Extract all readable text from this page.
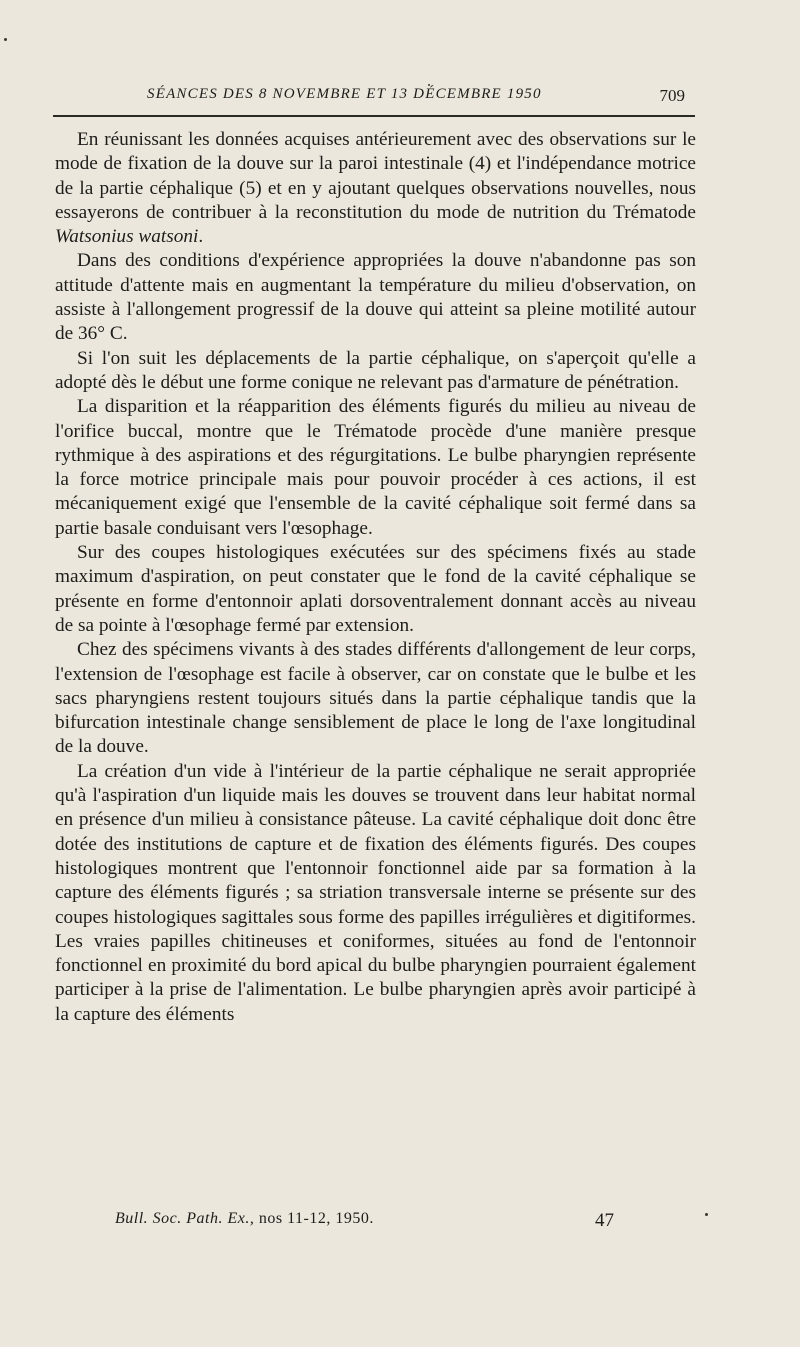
SÉANCES DES 8 NOVEMBRE ET 13 DÉCEMBRE 1950	709

En réunissant les données acquises antérieurement avec des observations sur le mode de fixation de la douve sur la paroi intestinale (4) et l'indépendance motrice de la partie céphalique (5) et en y ajoutant quelques observations nouvelles, nous essayerons de contribuer à la reconstitution du mode de nutrition du Trématode Watsonius watsoni.

Dans des conditions d'expérience appropriées la douve n'abandonne pas son attitude d'attente mais en augmentant la température du milieu d'observation, on assiste à l'allongement progressif de la douve qui atteint sa pleine motilité autour de 36° C.

Si l'on suit les déplacements de la partie céphalique, on s'aperçoit qu'elle a adopté dès le début une forme conique ne relevant pas d'armature de pénétration.

La disparition et la réapparition des éléments figurés du milieu au niveau de l'orifice buccal, montre que le Trématode procède d'une manière presque rythmique à des aspirations et des régurgitations. Le bulbe pharyngien représente la force motrice principale mais pour pouvoir procéder à ces actions, il est mécaniquement exigé que l'ensemble de la cavité céphalique soit fermé dans sa partie basale conduisant vers l'œsophage.

Sur des coupes histologiques exécutées sur des spécimens fixés au stade maximum d'aspiration, on peut constater que le fond de la cavité céphalique se présente en forme d'entonnoir aplati dorsoventralement donnant accès au niveau de sa pointe à l'œsophage fermé par extension.

Chez des spécimens vivants à des stades différents d'allongement de leur corps, l'extension de l'œsophage est facile à observer, car on constate que le bulbe et les sacs pharyngiens restent toujours situés dans la partie céphalique tandis que la bifurcation intestinale change sensiblement de place le long de l'axe longitudinal de la douve.

La création d'un vide à l'intérieur de la partie céphalique ne serait appropriée qu'à l'aspiration d'un liquide mais les douves se trouvent dans leur habitat normal en présence d'un milieu à consistance pâteuse. La cavité céphalique doit donc être dotée des institutions de capture et de fixation des éléments figurés. Des coupes histologiques montrent que l'entonnoir fonctionnel aide par sa formation à la capture des éléments figurés ; sa striation transversale interne se présente sur des coupes histologiques sagittales sous forme des papilles irrégulières et digitiformes. Les vraies papilles chitineuses et coniformes, situées au fond de l'entonnoir fonctionnel en proximité du bord apical du bulbe pharyngien pourraient également participer à la prise de l'alimentation. Le bulbe pharyngien après avoir participé à la capture des éléments

Bull. Soc. Path. Ex., nos 11-12, 1950.	47
